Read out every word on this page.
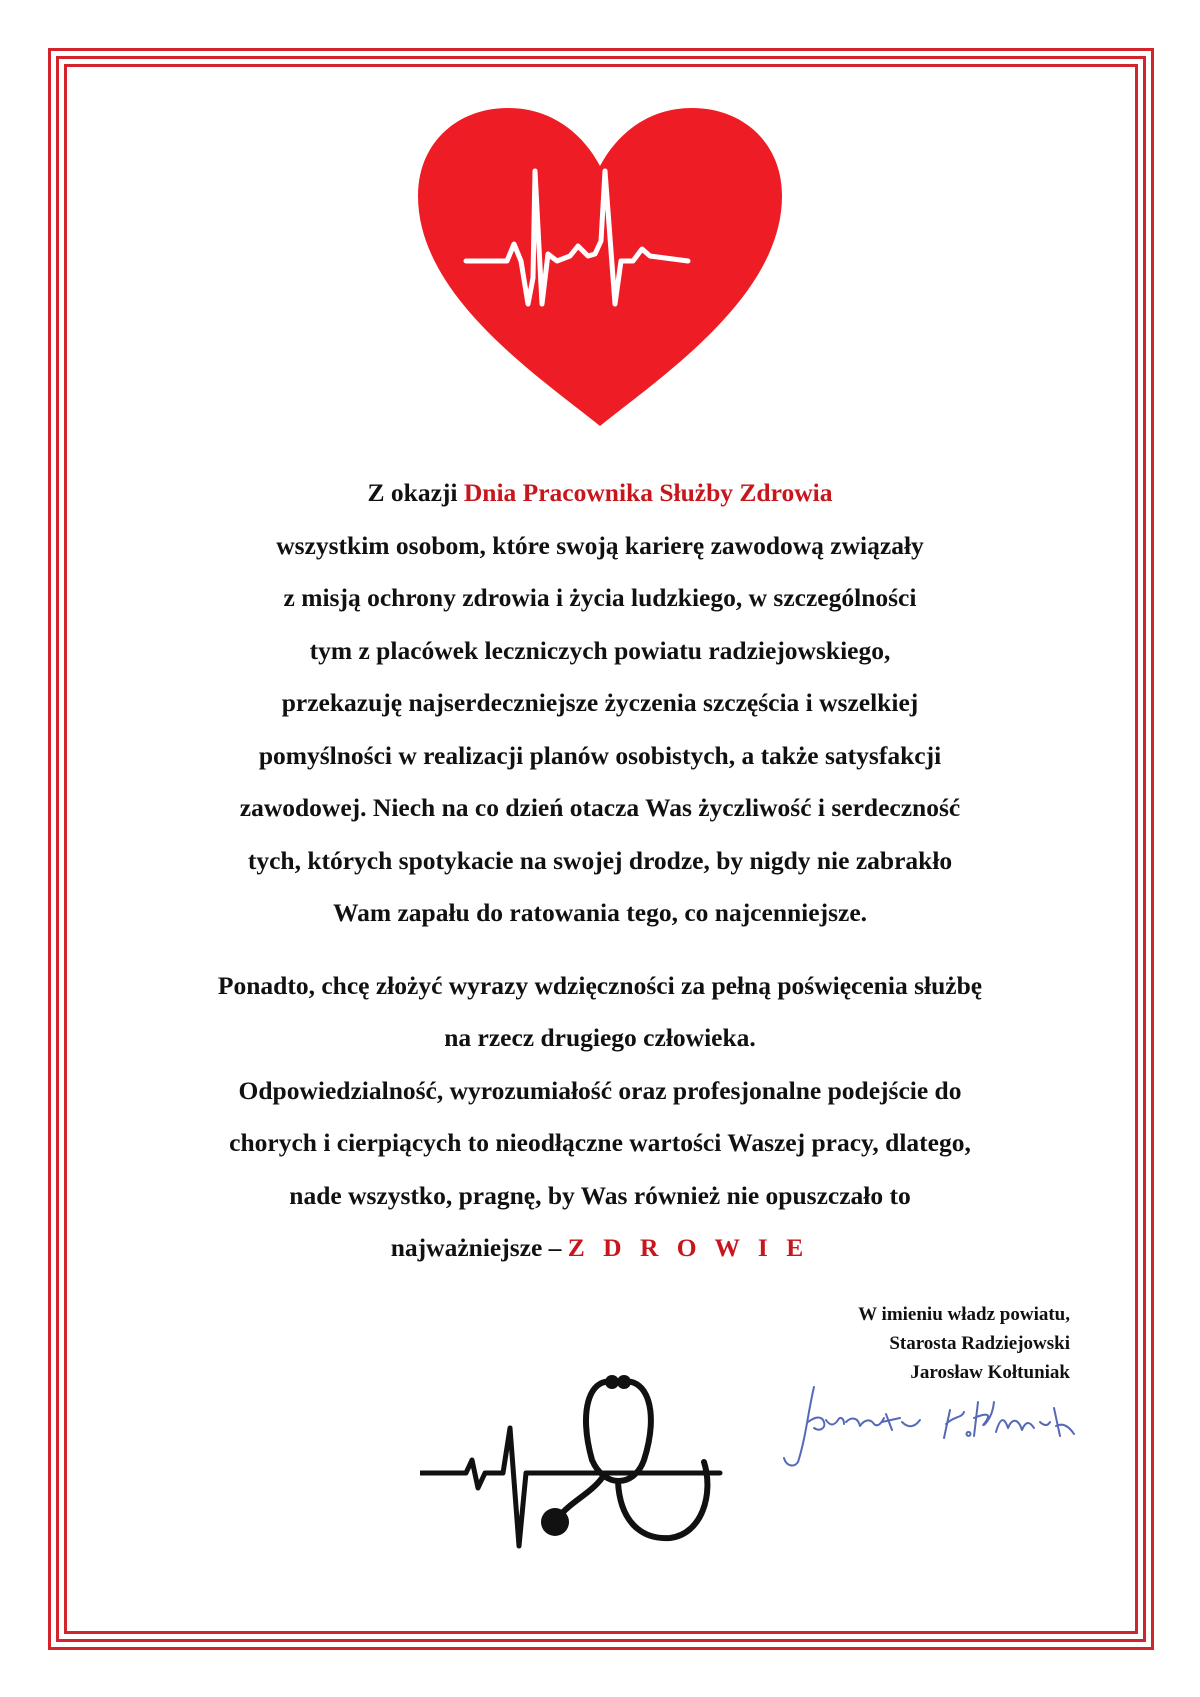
Z okazji Dnia Pracownika Służby Zdrowia
wszystkim osobom, które swoją karierę zawodową związały
z misją ochrony zdrowia i życia ludzkiego, w szczególności
tym z placówek leczniczych powiatu radziejowskiego,
przekazuję najserdeczniejsze życzenia szczęścia i wszelkiej
pomyślności w realizacji planów osobistych, a także satysfakcji
zawodowej. Niech na co dzień otacza Was życzliwość i serdeczność
tych, których spotykacie na swojej drodze, by nigdy nie zabrakło
Wam zapału do ratowania tego, co najcenniejsze.
Ponadto, chcę złożyć wyrazy wdzięczności za pełną poświęcenia służbę
na rzecz drugiego człowieka.
Odpowiedzialność, wyrozumiałość oraz profesjonalne podejście do
chorych i cierpiących to nieodłączne wartości Waszej pracy, dlatego,
nade wszystko, pragnę, by Was również nie opuszczało to
najważniejsze – Z D R O W I E
W imieniu władz powiatu,
Starosta Radziejowski
Jarosław Kołtuniak
